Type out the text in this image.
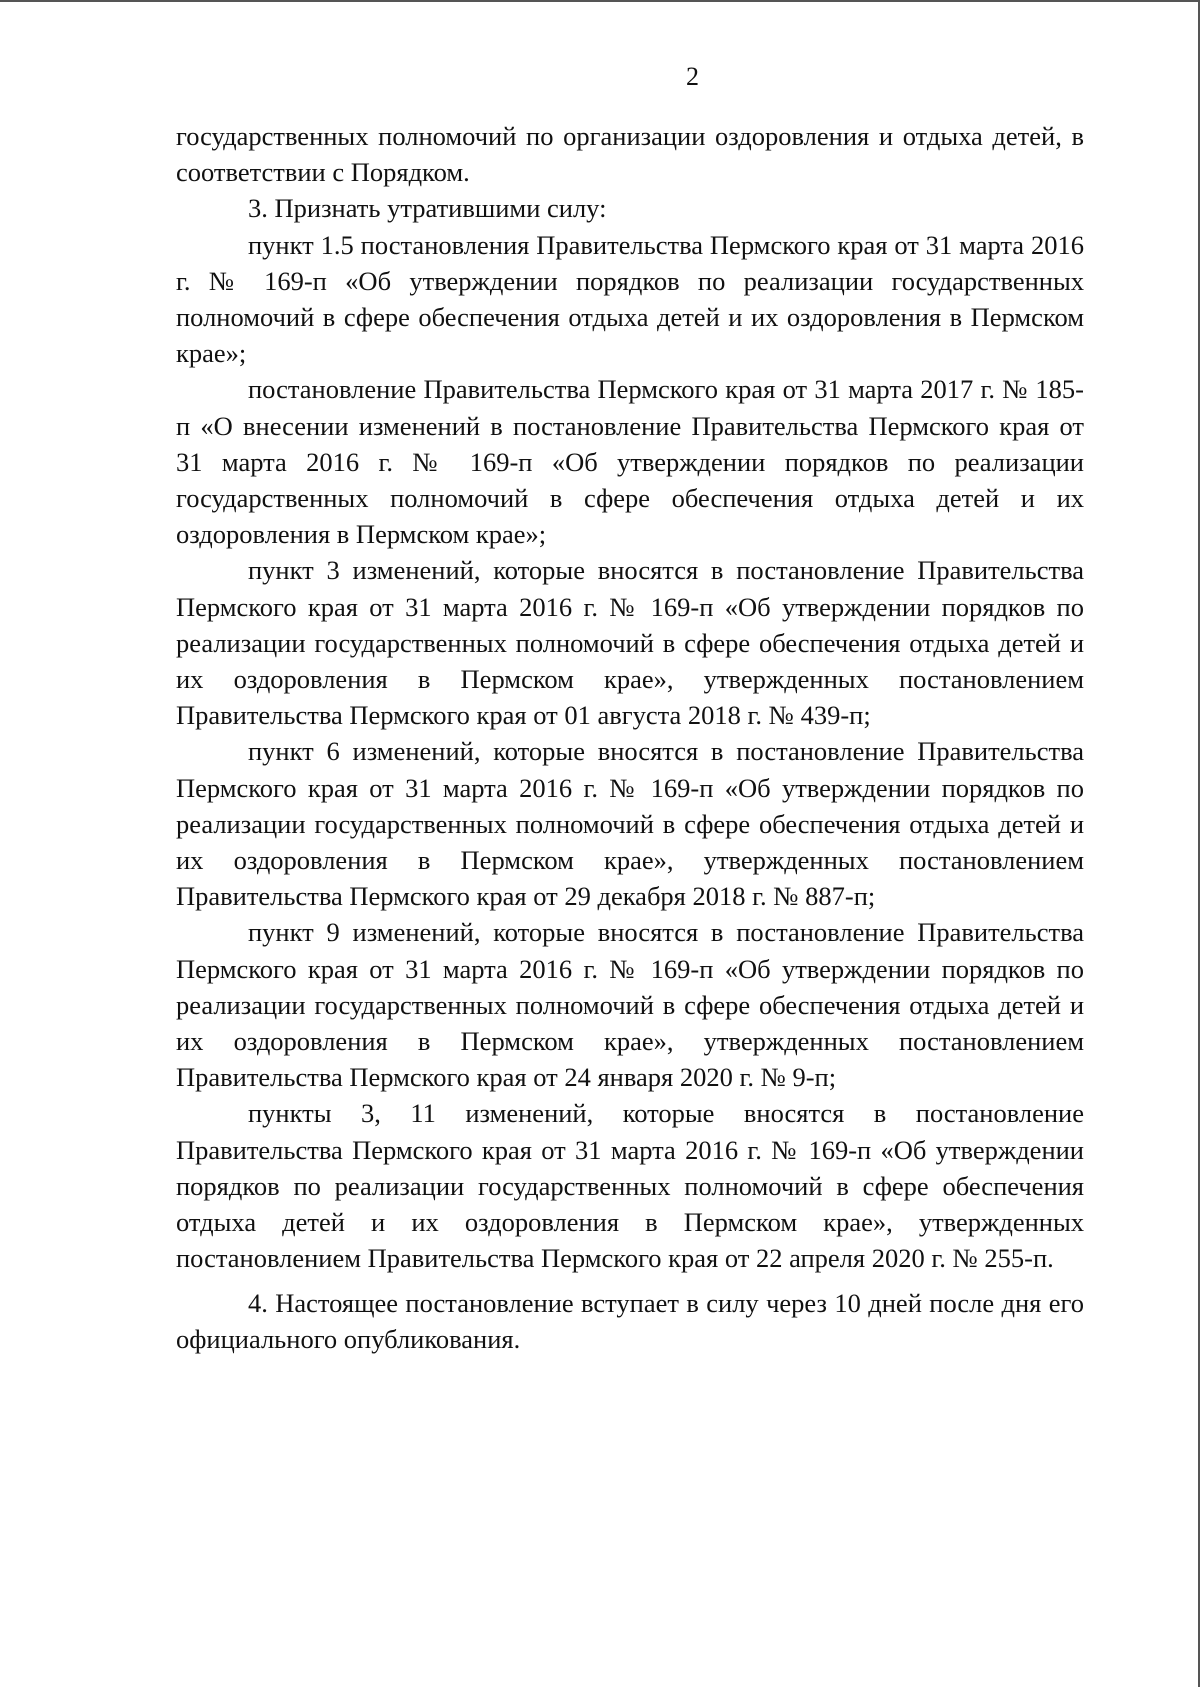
2

государственных полномочий по организации оздоровления и отдыха детей, в соответствии с Порядком.

3. Признать утратившими силу:

пункт 1.5 постановления Правительства Пермского края от 31 марта 2016 г. № 169-п «Об утверждении порядков по реализации государственных полномочий в сфере обеспечения отдыха детей и их оздоровления в Пермском крае»;

постановление Правительства Пермского края от 31 марта 2017 г. № 185-п «О внесении изменений в постановление Правительства Пермского края от 31 марта 2016 г. № 169-п «Об утверждении порядков по реализации государственных полномочий в сфере обеспечения отдыха детей и их оздоровления в Пермском крае»;

пункт 3 изменений, которые вносятся в постановление Правительства Пермского края от 31 марта 2016 г. № 169-п «Об утверждении порядков по реализации государственных полномочий в сфере обеспечения отдыха детей и их оздоровления в Пермском крае», утвержденных постановлением Правительства Пермского края от 01 августа 2018 г. № 439-п;

пункт 6 изменений, которые вносятся в постановление Правительства Пермского края от 31 марта 2016 г. № 169-п «Об утверждении порядков по реализации государственных полномочий в сфере обеспечения отдыха детей и их оздоровления в Пермском крае», утвержденных постановлением Правительства Пермского края от 29 декабря 2018 г. № 887-п;

пункт 9 изменений, которые вносятся в постановление Правительства Пермского края от 31 марта 2016 г. № 169-п «Об утверждении порядков по реализации государственных полномочий в сфере обеспечения отдыха детей и их оздоровления в Пермском крае», утвержденных постановлением Правительства Пермского края от 24 января 2020 г. № 9-п;

пункты 3, 11 изменений, которые вносятся в постановление Правительства Пермского края от 31 марта 2016 г. № 169-п «Об утверждении порядков по реализации государственных полномочий в сфере обеспечения отдыха детей и их оздоровления в Пермском крае», утвержденных постановлением Правительства Пермского края от 22 апреля 2020 г. № 255-п.

4. Настоящее постановление вступает в силу через 10 дней после дня его официального опубликования.
